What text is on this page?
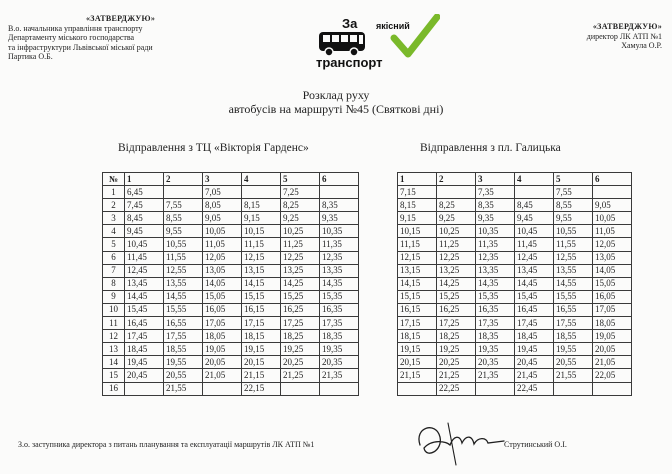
«ЗАТВЕРДЖУЮ»
В.о. начальника управління транспорту
Департаменту міського господарства
та інфраструктури Львівської міської ради
Партика О.Б.
За якісний
транспорт
«ЗАТВЕРДЖУЮ»
директор ЛК АТП №1
Хамула О.Р.
Розклад руху
автобусів на маршруті №45 (Святкові дні)
Відправлення з ТЦ «Вікторія Гарденс»	Відправлення з пл. Галицька
№	1	2	3	4	5	6
1	6,45		7,05		7,25	
2	7,45	7,55	8,05	8,15	8,25	8,35
3	8,45	8,55	9,05	9,15	9,25	9,35
4	9,45	9,55	10,05	10,15	10,25	10,35
5	10,45	10,55	11,05	11,15	11,25	11,35
6	11,45	11,55	12,05	12,15	12,25	12,35
7	12,45	12,55	13,05	13,15	13,25	13,35
8	13,45	13,55	14,05	14,15	14,25	14,35
9	14,45	14,55	15,05	15,15	15,25	15,35
10	15,45	15,55	16,05	16,15	16,25	16,35
11	16,45	16,55	17,05	17,15	17,25	17,35
12	17,45	17,55	18,05	18,15	18,25	18,35
13	18,45	18,55	19,05	19,15	19,25	19,35
14	19,45	19,55	20,05	20,15	20,25	20,35
15	20,45	20,55	21,05	21,15	21,25	21,35
16		21,55		22,15		
1	2	3	4	5	6
7,15		7,35		7,55	
8,15	8,25	8,35	8,45	8,55	9,05
9,15	9,25	9,35	9,45	9,55	10,05
10,15	10,25	10,35	10,45	10,55	11,05
11,15	11,25	11,35	11,45	11,55	12,05
12,15	12,25	12,35	12,45	12,55	13,05
13,15	13,25	13,35	13,45	13,55	14,05
14,15	14,25	14,35	14,45	14,55	15,05
15,15	15,25	15,35	15,45	15,55	16,05
16,15	16,25	16,35	16,45	16,55	17,05
17,15	17,25	17,35	17,45	17,55	18,05
18,15	18,25	18,35	18,45	18,55	19,05
19,15	19,25	19,35	19,45	19,55	20,05
20,15	20,25	20,35	20,45	20,55	21,05
21,15	21,25	21,35	21,45	21,55	22,05
	22,25		22,45		
З.о. заступника директора з питань планування та експлуатації маршрутів ЛК АТП №1	Струтинський О.І.
